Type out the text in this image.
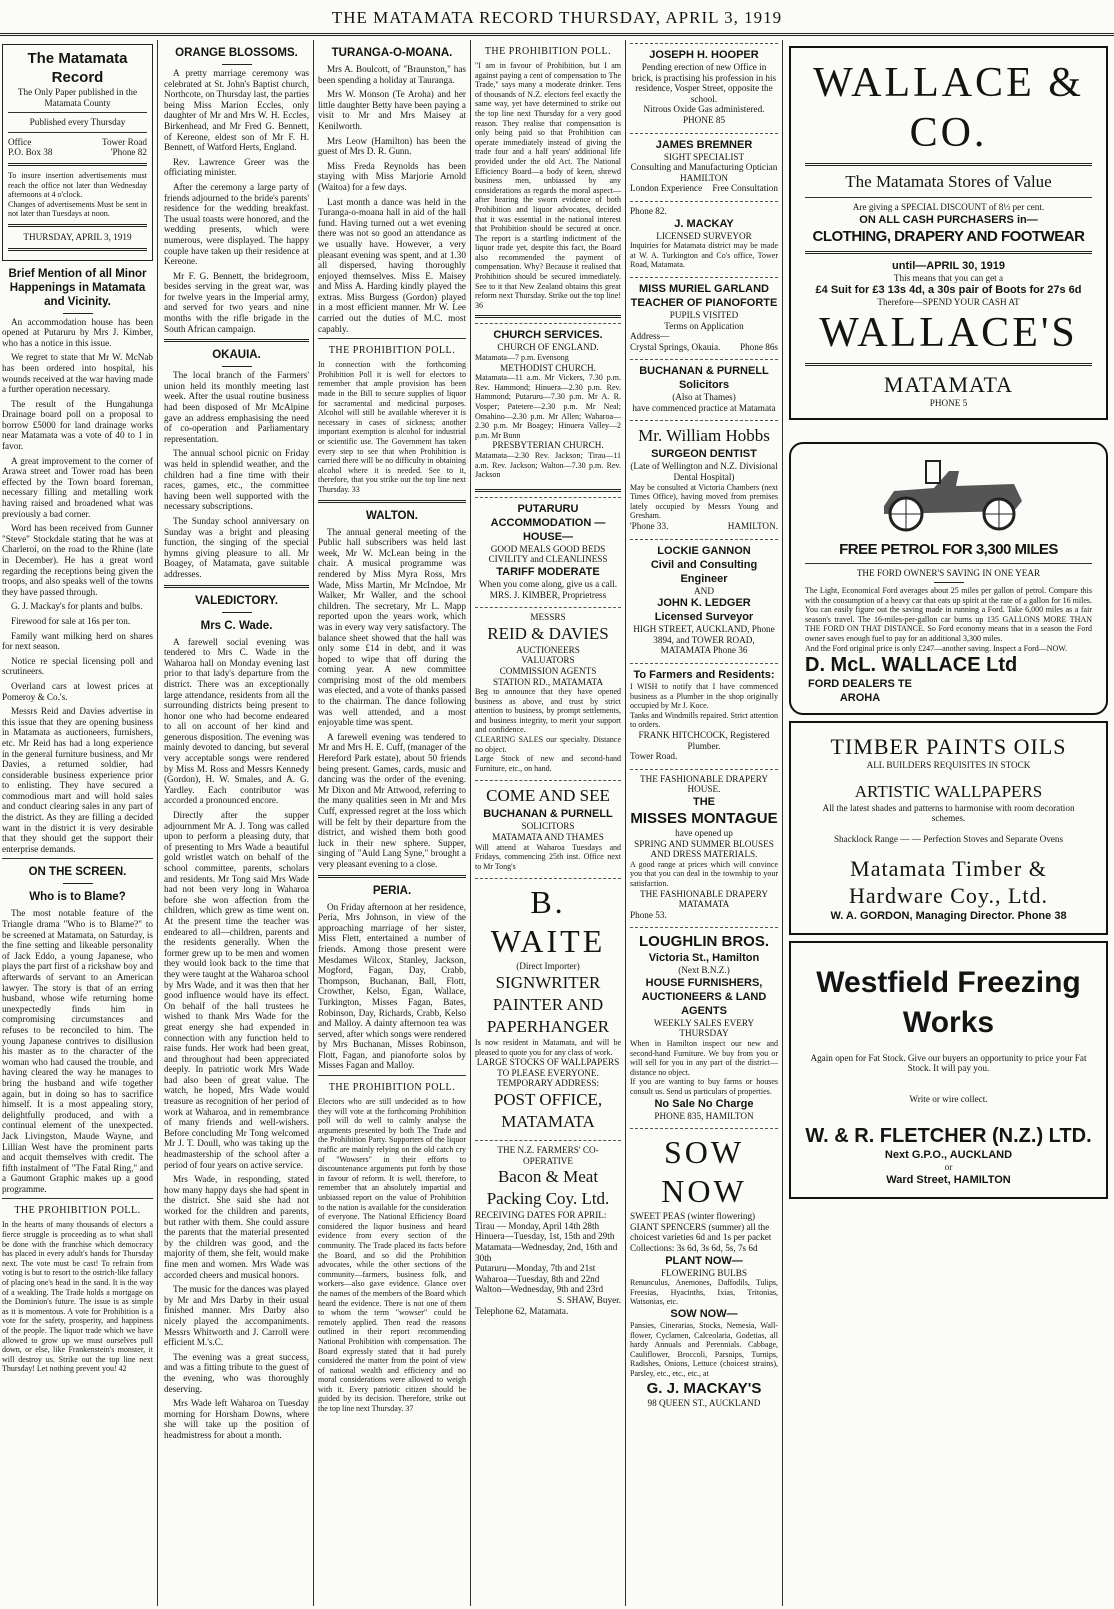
THE MATAMATA RECORD THURSDAY, APRIL 3, 1919
The Matamata Record
The Only Paper published in the Matamata County
Published every Thursday
Office	Tower Road
P.O. Box 38	'Phone 82
To insure insertion advertisements must reach the office not later than Wednesday afternoons at 4 o'clock.
Changes of advertisements Must be sent in not later than Tuesdays at noon.
THURSDAY, APRIL 3, 1919
Brief Mention of all Minor Happenings in Matamata and Vicinity.
An accommodation house has been opened at Putaruru by Mrs J. Kimber, who has a notice in this issue.
We regret to state that Mr W. McNab has been ordered into hospital, his wounds received at the war having made a further operation necessary.
The result of the Hungahunga Drainage board poll on a proposal to borrow £5000 for land drainage works near Matamata was a vote of 40 to 1 in favor.
A great improvement to the corner of Arawa street and Tower road has been effected by the Town board foreman, necessary filling and metalling work having raised and broadened what was previously a bad corner.
Word has been received from Gunner "Steve" Stockdale stating that he was at Charleroi, on the road to the Rhine (late in December). He has a great word regarding the receptions being given the troops, and also speaks well of the towns they have passed through.
G. J. Mackay's for plants and bulbs.
Firewood for sale at 16s per ton.
Family want milking herd on shares for next season.
Notice re special licensing poll and scrutineers.
Overland cars at lowest prices at Pomeroy & Co.'s.
Messrs Reid and Davies advertise in this issue that they are opening business in Matamata as auctioneers, furnishers, etc. Mr Reid has had a long experience in the general furniture business, and Mr Davies, a returned soldier, had considerable business experience prior to enlisting. They have secured a commodious mart and will hold sales and conduct clearing sales in any part of the district. As they are filling a decided want in the district it is very desirable that they should get the support their enterprise demands.
ON THE SCREEN.
Who is to Blame?
The most notable feature of the Triangle drama "Who is to Blame?" to be screened at Matamata, on Saturday, is the fine setting and likeable personality of Jack Eddo, a young Japanese, who plays the part first of a rickshaw boy and afterwards of servant to an American lawyer. The story is that of an erring husband, whose wife returning home unexpectedly finds him in compromising circumstances and refuses to be reconciled to him. The young Japanese contrives to disillusion his master as to the character of the woman who had caused the trouble, and having cleared the way he manages to bring the husband and wife together again, but in doing so has to sacrifice himself. It is a most appealing story, delightfully produced, and with a continual element of the unexpected. Jack Livingston, Maude Wayne, and Lillian West have the prominent parts and acquit themselves with credit. The fifth instalment of "The Fatal Ring," and a Gaumont Graphic makes up a good programme.
THE PROHIBITION POLL.
In the hearts of many thousands of electors a fierce struggle is proceeding as to what shall be done with the franchise which democracy has placed in every adult's hands for Thursday next. The vote must be cast! To refrain from voting is but to resort to the ostrich-like fallacy of placing one's head in the sand. It is the way of a weakling. The Trade holds a mortgage on the Dominion's future. The issue is as simple as it is momentous. A vote for Prohibition is a vote for the safety, prosperity, and happiness of the people. The liquor trade which we have allowed to grow up we must ourselves pull down, or else, like Frankenstein's monster, it will destroy us. Strike out the top line next Thursday! Let nothing prevent you! 42
ORANGE BLOSSOMS.
A pretty marriage ceremony was celebrated at St. John's Baptist church, Northcote, on Thursday last, the parties being Miss Marion Eccles, only daughter of Mr and Mrs W. H. Eccles, Birkenhead, and Mr Fred G. Bennett, of Kereone, eldest son of Mr F. H. Bennett, of Watford Herts, England.
Rev. Lawrence Greer was the officiating minister.
After the ceremony a large party of friends adjourned to the bride's parents' residence for the wedding breakfast. The usual toasts were honored, and the wedding presents, which were numerous, were displayed. The happy couple have taken up their residence at Kereone.
Mr F. G. Bennett, the bridegroom, besides serving in the great war, was for twelve years in the Imperial army, and served for two years and nine months with the rifle brigade in the South African campaign.
OKAUIA.
The local branch of the Farmers' union held its monthly meeting last week. After the usual routine business had been disposed of Mr McAlpine gave an address emphasising the need of co-operation and Parliamentary representation.
The annual school picnic on Friday was held in splendid weather, and the children had a fine time with their races, games, etc., the committee having been well supported with the necessary subscriptions.
The Sunday school anniversary on Sunday was a bright and pleasing function, the singing of the special hymns giving pleasure to all. Mr Boagey, of Matamata, gave suitable addresses.
VALEDICTORY.
Mrs C. Wade.
A farewell social evening was tendered to Mrs C. Wade in the Waharoa hall on Monday evening last prior to that lady's departure from the district. There was an exceptionally large attendance, residents from all the surrounding districts being present to honor one who had become endeared to all on account of her kind and generous disposition. The evening was mainly devoted to dancing, but several very acceptable songs were rendered by Miss M. Ross and Messrs Kennedy (Gordon), H. W. Smales, and A. G. Yardley. Each contributor was accorded a pronounced encore.
Directly after the supper adjournment Mr A. J. Tong was called upon to perform a pleasing duty, that of presenting to Mrs Wade a beautiful gold wristlet watch on behalf of the school committee, parents, scholars and residents. Mr Tong said Mrs Wade had not been very long in Waharoa before she won affection from the children, which grew as time went on. At the present time the teacher was endeared to all—children, parents and the residents generally. When the former grew up to be men and women they would look back to the time that they were taught at the Waharoa school by Mrs Wade, and it was then that her good influence would have its effect. On behalf of the hall trustees he wished to thank Mrs Wade for the great energy she had expended in connection with any function held to raise funds. Her work had been great, and throughout had been appreciated deeply. In patriotic work Mrs Wade had also been of great value. The watch, he hoped, Mrs Wade would treasure as recognition of her period of work at Waharoa, and in remembrance of many friends and well-wishers. Before concluding Mr Tong welcomed Mr J. T. Doull, who was taking up the headmastership of the school after a period of four years on active service.
Mrs Wade, in responding, stated how many happy days she had spent in the district. She said she had not worked for the children and parents, but rather with them. She could assure the parents that the material presented by the children was good, and the majority of them, she felt, would make fine men and women. Mrs Wade was accorded cheers and musical honors.
The music for the dances was played by Mr and Mrs Darby in their usual finished manner. Mrs Darby also nicely played the accompaniments. Messrs Whitworth and J. Carroll were efficient M.'s.C.
The evening was a great success, and was a fitting tribute to the guest of the evening, who was thoroughly deserving.
Mrs Wade left Waharoa on Tuesday morning for Horsham Downs, where she will take up the position of headmistress for about a month.
TURANGA-O-MOANA.
Mrs A. Boulcott, of "Braunston," has been spending a holiday at Tauranga.
Mrs W. Monson (Te Aroha) and her little daughter Betty have been paying a visit to Mr and Mrs Maisey at Kenilworth.
Mrs Leow (Hamilton) has been the guest of Mrs D. R. Gunn.
Miss Freda Reynolds has been staying with Miss Marjorie Arnold (Waitoa) for a few days.
Last month a dance was held in the Turanga-o-moana hall in aid of the hall fund. Having turned out a wet evening there was not so good an attendance as we usually have. However, a very pleasant evening was spent, and at 1.30 all dispersed, having thoroughly enjoyed themselves. Miss E. Maisey and Miss A. Harding kindly played the extras. Miss Burgess (Gordon) played in a most efficient manner. Mr W. Lee carried out the duties of M.C. most capably.
THE PROHIBITION POLL.
In connection with the forthcoming Prohibition Poll it is well for electors to remember that ample provision has been made in the Bill to secure supplies of liquor for sacramental and medicinal purposes. Alcohol will still be available wherever it is necessary in cases of sickness; another important exemption is alcohol for industrial or scientific use. The Government has taken every step to see that when Prohibition is carried there will be no difficulty in obtaining alcohol where it is needed. See to it, therefore, that you strike out the top line next Thursday. 33
WALTON.
The annual general meeting of the Public hall subscribers was held last week, Mr W. McLean being in the chair. A musical programme was rendered by Miss Myra Ross, Mrs Wade, Miss Martin, Mr McIndoe, Mr Walker, Mr Waller, and the school children. The secretary, Mr L. Mapp reported upon the years work, which was in every way very satisfactory. The balance sheet showed that the hall was only some £14 in debt, and it was hoped to wipe that off during the coming year. A new committee comprising most of the old members was elected, and a vote of thanks passed to the chairman. The dance following was well attended, and a most enjoyable time was spent.
A farewell evening was tendered to Mr and Mrs H. E. Cuff, (manager of the Hereford Park estate), about 50 friends being present. Games, cards, music and dancing was the order of the evening. Mr Dixon and Mr Attwood, referring to the many qualities seen in Mr and Mrs Cuff, expressed regret at the loss which will be felt by their departure from the district, and wished them both good luck in their new sphere. Supper, singing of "Auld Lang Syne," brought a very pleasant evening to a close.
PERIA.
On Friday afternoon at her residence, Peria, Mrs Johnson, in view of the approaching marriage of her sister, Miss Flett, entertained a number of friends. Among those present were Mesdames Wilcox, Stanley, Jackson, Mogford, Fagan, Day, Crabb, Thompson, Buchanan, Ball, Flott, Crowther, Kelso, Egan, Wallace, Turkington, Misses Fagan, Bates, Robinson, Day, Richards, Crabb, Kelso and Malloy. A dainty afternoon tea was served, after which songs were rendered by Mrs Buchanan, Misses Robinson, Flott, Fagan, and pianoforte solos by Misses Fagan and Malloy.
THE PROHIBITION POLL.
Electors who are still undecided as to how they will vote at the forthcoming Prohibition poll will do well to calmly analyse the arguments presented by both The Trade and the Prohibition Party. Supporters of the liquor traffic are mainly relying on the old catch cry of "Wowsers" in their efforts to discountenance arguments put forth by those in favour of reform. It is well, therefore, to remember that an absolutely impartial and unbiassed report on the value of Prohibition to the nation is available for the consideration of everyone. The National Efficiency Board considered the liquor business and heard evidence from every section of the community. The Trade placed its facts before the Board, and so did the Prohibition advocates, while the other sections of the community—farmers, business folk, and workers—also gave evidence. Glance over the names of the members of the Board which heard the evidence. There is not one of them to whom the term "wowser" could be remotely applied. Then read the reasons outlined in their report recommending National Prohibition with compensation. The Board expressly stated that it had purely considered the matter from the point of view of national wealth and efficiency and no moral considerations were allowed to weigh with it. Every patriotic citizen should be guided by its decision. Therefore, strike out the top line next Thursday. 37
THE PROHIBITION POLL.
"I am in favour of Prohibition, but I am against paying a cent of compensation to The Trade," says many a moderate drinker. Tens of thousands of N.Z. electors feel exactly the same way, yet have determined to strike out the top line next Thursday for a very good reason. They realise that compensation is only being paid so that Prohibition can operate immediately instead of giving the trade four and a half years' additional life provided under the old Act. The National Efficiency Board—a body of keen, shrewd business men, unbiassed by any considerations as regards the moral aspect—after hearing the sworn evidence of both Prohibition and liquor advocates, decided that it was essential in the national interest that Prohibition should be secured at once. The report is a startling indictment of the liquor trade yet, despite this fact, the Board also recommended the payment of compensation. Why? Because it realised that Prohibition should be secured immediately. See to it that New Zealand obtains this great reform next Thursday. Strike out the top line! 36
CHURCH SERVICES.
CHURCH OF ENGLAND.
Matamata—7 p.m. Evensong
METHODIST CHURCH.
Matamata—11 a.m. Mr Vickers, 7.30 p.m. Rev. Hammond; Hinuera—2.30 p.m. Rev. Hammond; Putaruru—7.30 p.m. Mr A. R. Vosper; Patetere—2.30 p.m. Mr Neal; Omahino—2.30 p.m. Mr Allen; Waharoa—2.30 p.m. Mr Boagey; Hinuera Valley—2 p.m. Mr Bunn
PRESBYTERIAN CHURCH.
Matamata—2.30 Rev. Jackson; Tirau—11 a.m. Rev. Jackson; Walton—7.30 p.m. Rev. Jackson
PUTARURU ACCOMMODATION —HOUSE—
GOOD MEALS GOOD BEDS
CIVILITY and CLEANLINESS
TARIFF MODERATE
When you come along, give us a call.
MRS. J. KIMBER, Proprietress
MESSRS
REID & DAVIES
AUCTIONEERS
VALUATORS
COMMISSION AGENTS
STATION RD., MATAMATA
Beg to announce that they have opened business as above, and trust by strict attention to business, by prompt settlements, and business integrity, to merit your support and confidence.
CLEARING SALES our specialty. Distance no object.
Large Stock of new and second-hand Furniture, etc., on hand.
COME AND SEE
BUCHANAN & PURNELL
SOLICITORS
MATAMATA AND THAMES
Will attend at Waharoa Tuesdays and Fridays, commencing 25th inst. Office next to Mr Tong's
B. WAITE
(Direct Importer)
SIGNWRITER PAINTER AND PAPERHANGER
Is now resident in Matamata, and will be pleased to quote you for any class of work.
LARGE STOCKS OF WALLPAPERS TO PLEASE EVERYONE.
TEMPORARY ADDRESS:
POST OFFICE, MATAMATA
THE N.Z. FARMERS' CO-OPERATIVE
Bacon & Meat Packing Coy. Ltd.
RECEIVING DATES FOR APRIL:
Tirau — Monday, April 14th 28th
Hinuera—Tuesday, 1st, 15th and 29th
Matamata—Wednesday, 2nd, 16th and 30th
Putaruru—Monday, 7th and 21st
Waharoa—Tuesday, 8th and 22nd
Walton—Wednesday, 9th and 23rd
S. SHAW, Buyer.
Telephone 62, Matamata.
JOSEPH H. HOOPER
Pending erection of new Office in brick, is practising his profession in his residence, Vosper Street, opposite the school.
Nitrous Oxide Gas administered.
PHONE 85
JAMES BREMNER
SIGHT SPECIALIST
Consulting and Manufacturing Optician
HAMILTON
London Experience Free Consultation
Phone 82.
J. MACKAY
LICENSED SURVEYOR
Inquiries for Matamata district may be made at W. A. Turkington and Co's office, Tower Road, Matamata.
MISS MURIEL GARLAND
TEACHER OF PIANOFORTE
PUPILS VISITED
Terms on Application
Address—
Crystal Springs, Okauia. Phone 86s
BUCHANAN & PURNELL
Solicitors
(Also at Thames)
have commenced practice at Matamata
Mr. William Hobbs
SURGEON DENTIST
(Late of Wellington and N.Z. Divisional Dental Hospital)
May be consulted at Victoria Chambers (next Times Office), having moved from premises lately occupied by Messrs Young and Gresham.
'Phone 33.	HAMILTON.
LOCKIE GANNON
Civil and Consulting Engineer
AND
JOHN K. LEDGER
Licensed Surveyor
HIGH STREET, AUCKLAND, Phone 3894, and TOWER ROAD, MATAMATA Phone 36
To Farmers and Residents:
I WISH to notify that I have commenced business as a Plumber in the shop originally occupied by Mr J. Koce.
Tanks and Windmills repaired. Strict attention to orders.
FRANK HITCHCOCK, Registered Plumber.
Tower Road.
THE FASHIONABLE DRAPERY HOUSE.
THE
MISSES MONTAGUE
have opened up
SPRING AND SUMMER BLOUSES AND DRESS MATERIALS.
A good range at prices which will convince you that you can deal in the township to your satisfaction.
THE FASHIONABLE DRAPERY MATAMATA
Phone 53.
LOUGHLIN BROS.
Victoria St., Hamilton
(Next B.N.Z.)
HOUSE FURNISHERS, AUCTIONEERS & LAND AGENTS
WEEKLY SALES EVERY THURSDAY
When in Hamilton inspect our new and second-hand Furniture. We buy from you or will sell for you in any part of the district—distance no object.
If you are wanting to buy farms or houses consult us. Send us particulars of properties.
No Sale No Charge
PHONE 835, HAMILTON
SOW NOW
SWEET PEAS (winter flowering) GIANT SPENCERS (summer) all the choicest varieties 6d and 1s per packet
Collections: 3s 6d, 3s 6d, 5s, 7s 6d
PLANT NOW—
FLOWERING BULBS
Renunculus, Anemones, Daffodils, Tulips, Freesias, Hyacinths, Ixias, Tritonias, Watsonias, etc.
SOW NOW—
Pansies, Cinerarias, Stocks, Nemesia, Wall-flower, Cyclamen, Calceolaria, Godetias, all hardy Annuals and Perennials. Cabbage, Cauliflower, Broccoli, Parsnips, Turnips, Radishes, Onions, Lettuce (choicest strains), Parsley, etc., etc., etc., at
G. J. MACKAY'S
98 QUEEN ST., AUCKLAND
WALLACE & CO.
The Matamata Stores of Value
Are giving a SPECIAL DISCOUNT of 8⅓ per cent.
ON ALL CASH PURCHASERS in—
CLOTHING, DRAPERY AND FOOTWEAR
until—APRIL 30, 1919
This means that you can get a
£4 Suit for £3 13s 4d, a 30s pair of Boots for 27s 6d
Therefore—SPEND YOUR CASH AT
WALLACE'S
MATAMATA
PHONE 5
FREE PETROL FOR 3,300 MILES
THE FORD OWNER'S SAVING IN ONE YEAR
The Light, Economical Ford averages about 25 miles per gallon of petrol. Compare this with the consumption of a heavy car that eats up spirit at the rate of a gallon for 16 miles. You can easily figure out the saving made in running a Ford. Take 6,000 miles as a fair season's travel. The 16-miles-per-gallon car burns up 135 GALLONS MORE THAN THE FORD ON THAT DISTANCE. So Ford economy means that in a season the Ford owner saves enough fuel to pay for an additional 3,300 miles.
And the Ford original price is only £247—another saving. Inspect a Ford—NOW.
D. McL. WALLACE Ltd
FORD DEALERS TE AROHA
TIMBER PAINTS OILS
ALL BUILDERS REQUISITES IN STOCK
ARTISTIC WALLPAPERS
All the latest shades and patterns to harmonise with room decoration schemes.
Shacklock Range — — Perfection Stoves and Separate Ovens
Matamata Timber & Hardware Coy., Ltd.
W. A. GORDON, Managing Director. Phone 38
Westfield Freezing Works
Again open for Fat Stock. Give our buyers an opportunity to price your Fat Stock. It will pay you.
Write or wire collect.
W. & R. FLETCHER (N.Z.) LTD.
Next G.P.O., AUCKLAND
or
Ward Street, HAMILTON
